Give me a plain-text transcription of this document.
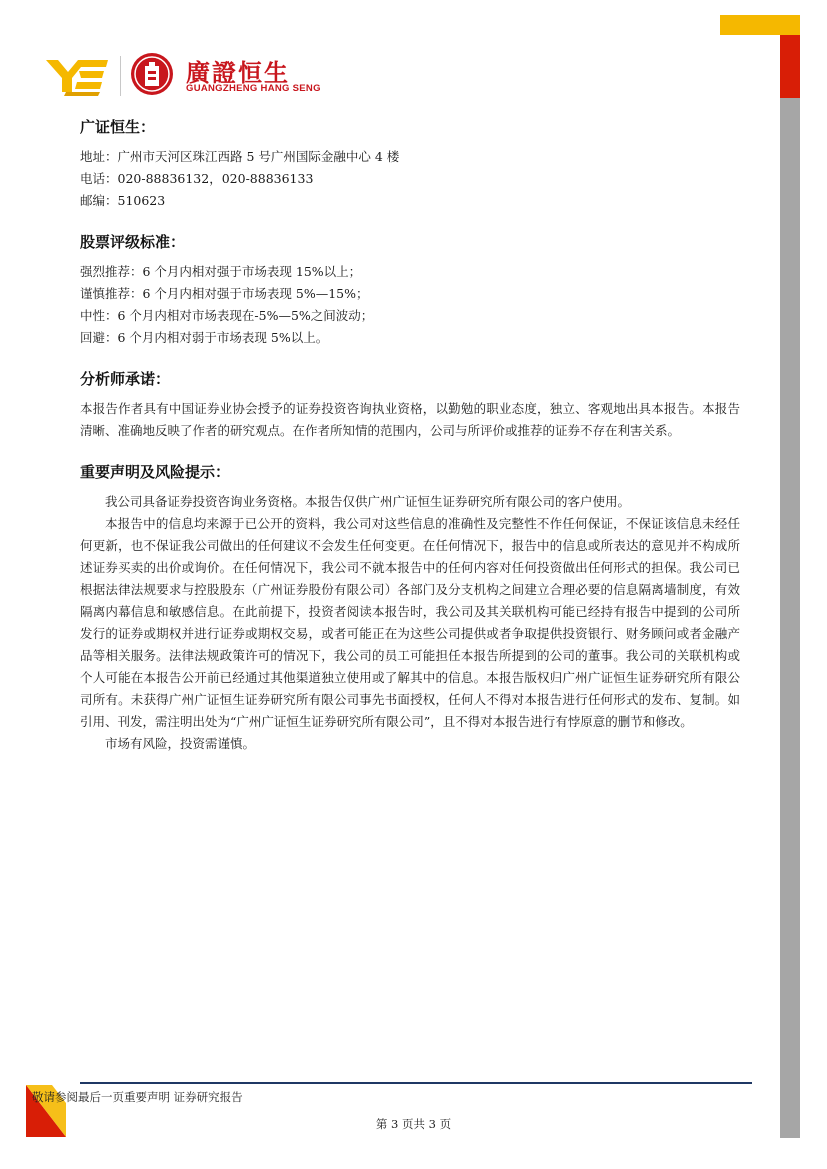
廣證恒生
GUANGZHENG HANG SENG
广证恒生：
地址：广州市天河区珠江西路 5 号广州国际金融中心 4 楼
电话：020-88836132，020-88836133
邮编：510623
股票评级标准：
强烈推荐：6 个月内相对强于市场表现 15%以上；
谨慎推荐：6 个月内相对强于市场表现 5%—15%；
中性：6 个月内相对市场表现在-5%—5%之间波动；
回避：6 个月内相对弱于市场表现 5%以上。
分析师承诺：

本报告作者具有中国证券业协会授予的证券投资咨询执业资格，以勤勉的职业态度，独立、客观地出具本报告。本报告清晰、准确地反映了作者的研究观点。在作者所知情的范围内，公司与所评价或推荐的证券不存在利害关系。

重要声明及风险提示：

我公司具备证券投资咨询业务资格。本报告仅供广州广证恒生证券研究所有限公司的客户使用。

本报告中的信息均来源于已公开的资料，我公司对这些信息的准确性及完整性不作任何保证，不保证该信息未经任何更新，也不保证我公司做出的任何建议不会发生任何变更。在任何情况下，报告中的信息或所表达的意见并不构成所述证券买卖的出价或询价。在任何情况下，我公司不就本报告中的任何内容对任何投资做出任何形式的担保。我公司已根据法律法规要求与控股股东（广州证券股份有限公司）各部门及分支机构之间建立合理必要的信息隔离墙制度，有效隔离内幕信息和敏感信息。在此前提下，投资者阅读本报告时，我公司及其关联机构可能已经持有报告中提到的公司所发行的证券或期权并进行证券或期权交易，或者可能正在为这些公司提供或者争取提供投资银行、财务顾问或者金融产品等相关服务。法律法规政策许可的情况下，我公司的员工可能担任本报告所提到的公司的董事。我公司的关联机构或个人可能在本报告公开前已经通过其他渠道独立使用或了解其中的信息。本报告版权归广州广证恒生证券研究所有限公司所有。未获得广州广证恒生证券研究所有限公司事先书面授权，任何人不得对本报告进行任何形式的发布、复制。如引用、刊发，需注明出处为“广州广证恒生证券研究所有限公司”，且不得对本报告进行有悖原意的删节和修改。

市场有风险，投资需谨慎。

敬请参阅最后一页重要声明 证券研究报告
第 3 页共 3 页
